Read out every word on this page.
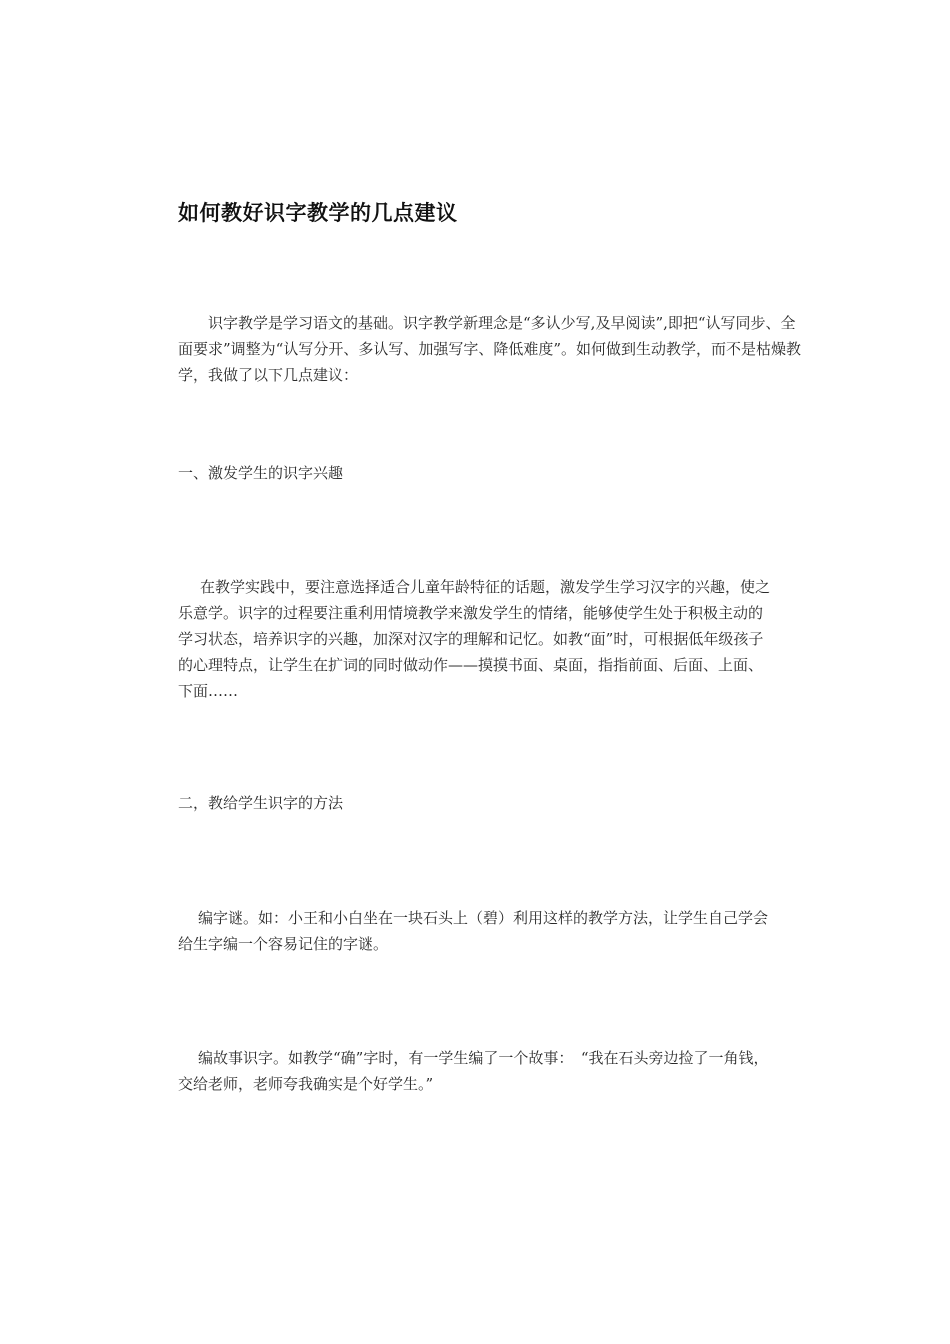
如何教好识字教学的几点建议

识字教学是学习语文的基础。识字教学新理念是“多认少写,及早阅读”,即把“认写同步、全面要求”调整为“认写分开、多认写、加强写字、降低难度”。如何做到生动教学，而不是枯燥教学，我做了以下几点建议：

一、激发学生的识字兴趣

在教学实践中，要注意选择适合儿童年龄特征的话题，激发学生学习汉字的兴趣，使之乐意学。识字的过程要注重利用情境教学来激发学生的情绪，能够使学生处于积极主动的学习状态，培养识字的兴趣，加深对汉字的理解和记忆。如教“面”时，可根据低年级孩子的心理特点，让学生在扩词的同时做动作——摸摸书面、桌面，指指前面、后面、上面、下面……

二，教给学生识字的方法

编字谜。如：小王和小白坐在一块石头上（碧）利用这样的教学方法，让学生自己学会给生字编一个容易记住的字谜。

编故事识字。如教学“确”字时，有一学生编了一个故事：　“我在石头旁边捡了一角钱，交给老师，老师夸我确实是个好学生。”
